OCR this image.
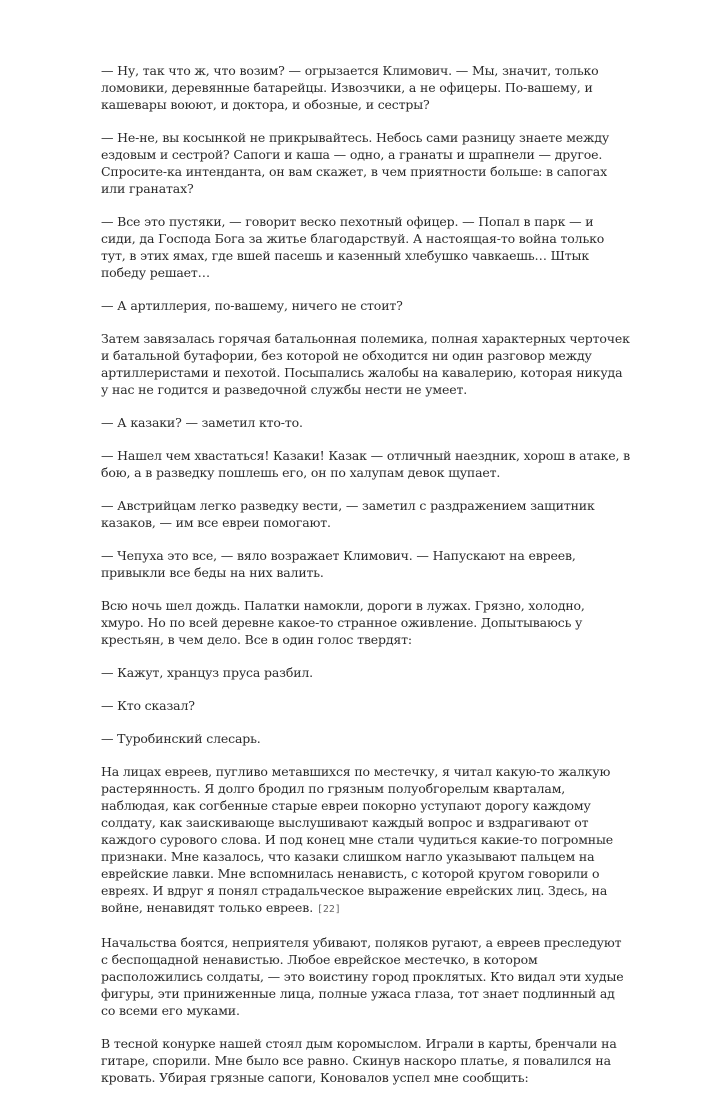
— Ну, так что ж, что возим? — огрызается Климович. — Мы, значит, только ломовики, деревянные батарейцы. Извозчики, а не офицеры. По-вашему, и кашевары воюют, и доктора, и обозные, и сестры?

— Не-не, вы косынкой не прикрывайтесь. Небось сами разницу знаете между ездовым и сестрой? Сапоги и каша — одно, а гранаты и шрапнели — другое. Спросите-ка интенданта, он вам скажет, в чем приятности больше: в сапогах или гранатах?

— Все это пустяки, — говорит веско пехотный офицер. — Попал в парк — и сиди, да Господа Бога за житье благодарствуй. А настоящая-то война только тут, в этих ямах, где вшей пасешь и казенный хлебушко чавкаешь… Штык победу решает…

— А артиллерия, по-вашему, ничего не стоит?

Затем завязалась горячая батальонная полемика, полная характерных черточек и батальной бутафории, без которой не обходится ни один разговор между артиллеристами и пехотой. Посыпались жалобы на кавалерию, которая никуда у нас не годится и разведочной службы нести не умеет.

— А казаки? — заметил кто-то.

— Нашел чем хвастаться! Казаки! Казак — отличный наездник, хорош в атаке, в бою, а в разведку пошлешь его, он по халупам девок щупает.

— Австрийцам легко разведку вести, — заметил с раздражением защитник казаков, — им все евреи помогают.

— Чепуха это все, — вяло возражает Климович. — Напускают на евреев, привыкли все беды на них валить.

Всю ночь шел дождь. Палатки намокли, дороги в лужах. Грязно, холодно, хмуро. Но по всей деревне какое-то странное оживление. Допытываюсь у крестьян, в чем дело. Все в один голос твердят:

— Кажут, хранцуз пруса разбил.

— Кто сказал?

— Туробинский слесарь.

На лицах евреев, пугливо метавшихся по местечку, я читал какую-то жалкую растерянность. Я долго бродил по грязным полуобгорелым кварталам, наблюдая, как согбенные старые евреи покорно уступают дорогу каждому солдату, как заискивающе выслушивают каждый вопрос и вздрагивают от каждого сурового слова. И под конец мне стали чудиться какие-то погромные признаки. Мне казалось, что казаки слишком нагло указывают пальцем на еврейские лавки. Мне вспомнилась ненависть, с которой кругом говорили о евреях. И вдруг я понял страдальческое выражение еврейских лиц. Здесь, на войне, ненавидят только евреев. [22]

Начальства боятся, неприятеля убивают, поляков ругают, а евреев преследуют с беспощадной ненавистью. Любое еврейское местечко, в котором расположились солдаты, — это воистину город проклятых. Кто видал эти худые фигуры, эти приниженные лица, полные ужаса глаза, тот знает подлинный ад со всеми его муками.

В тесной конурке нашей стоял дым коромыслом. Играли в карты, бренчали на гитаре, спорили. Мне было все равно. Скинув наскоро платье, я повалился на кровать. Убирая грязные сапоги, Коновалов успел мне сообщить:
